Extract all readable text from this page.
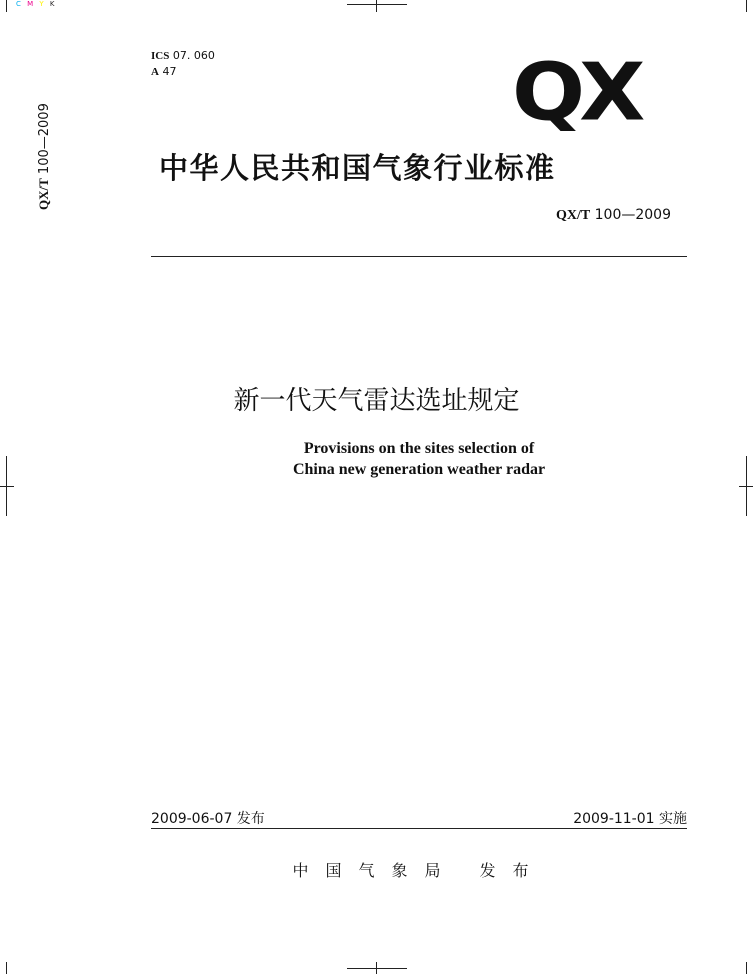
C M Y K
ICS 07. 060
A 47	QX
中华人民共和国气象行业标准
QX/T 100—2009
QX/T 100—2009
新一代天气雷达选址规定
Provisions on the sites selection of
China new generation weather radar
2009-06-07 发布	2009-11-01 实施
中国气象局 发布
